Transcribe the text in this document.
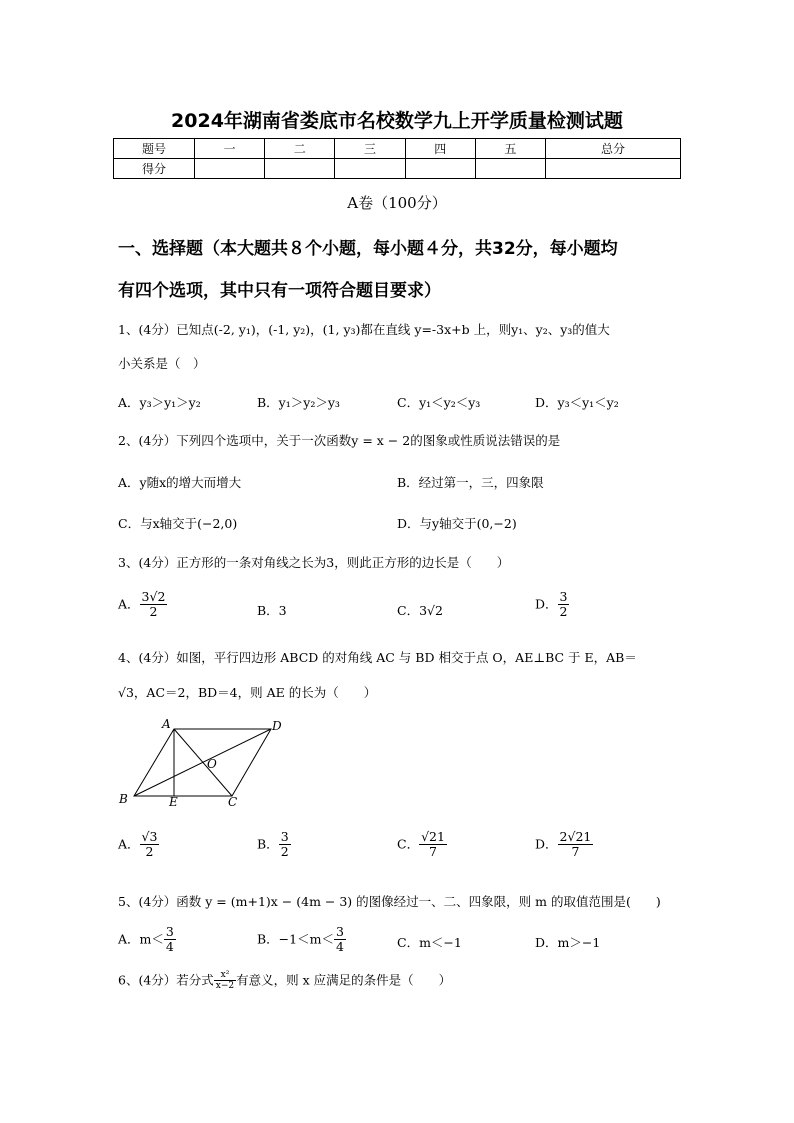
2024年湖南省娄底市名校数学九上开学质量检测试题
题号	一	二	三	四	五	总分
得分						
A卷（100分）
一、选择题（本大题共８个小题，每小题４分，共32分，每小题均
有四个选项，其中只有一项符合题目要求）
1、(4分）已知点(-2, y₁)，(-1, y₂)，(1, y₃)都在直线 y=-3x+b 上，则y₁、y₂、y₃的值大
小关系是（　）
A．y₃＞y₁＞y₂	B．y₁＞y₂＞y₃	C．y₁＜y₂＜y₃	D．y₃＜y₁＜y₂
2、(4分）下列四个选项中，关于一次函数y = x − 2的图象或性质说法错误的是
A．y随x的增大而增大	B．经过第一，三，四象限
C．与x轴交于(−2,0)	D．与y轴交于(0,−2)
3、(4分）正方形的一条对角线之长为3，则此正方形的边长是（　　）
A． $\frac{3√2}{2}$	B．3	C．3√2	D． $\frac{3}{2}$
4、(4分）如图，平行四边形 ABCD 的对角线 AC 与 BD 相交于点 O，AE⊥BC 于 E，AB＝
√3，AC＝2，BD＝4，则 AE 的长为（　　）
A	D
B	E	C
O
A． $\frac{√3}{2}$	B． $\frac{3}{2}$	C． $\frac{√21}{7}$	D． $\frac{2√21}{7}$
5、(4分）函数 y = (m+1)x − (4m − 3) 的图像经过一、二、四象限，则 m 的取值范围是(　　)
A．$m< \frac{3}{4}$	B．$-1<m< \frac{3}{4}$	C．m＜−1	D．m＞−1
6、(4分）若分式 $\frac{\text{x²}}{x-2}$ 有意义，则 x 应满足的条件是（　　）
